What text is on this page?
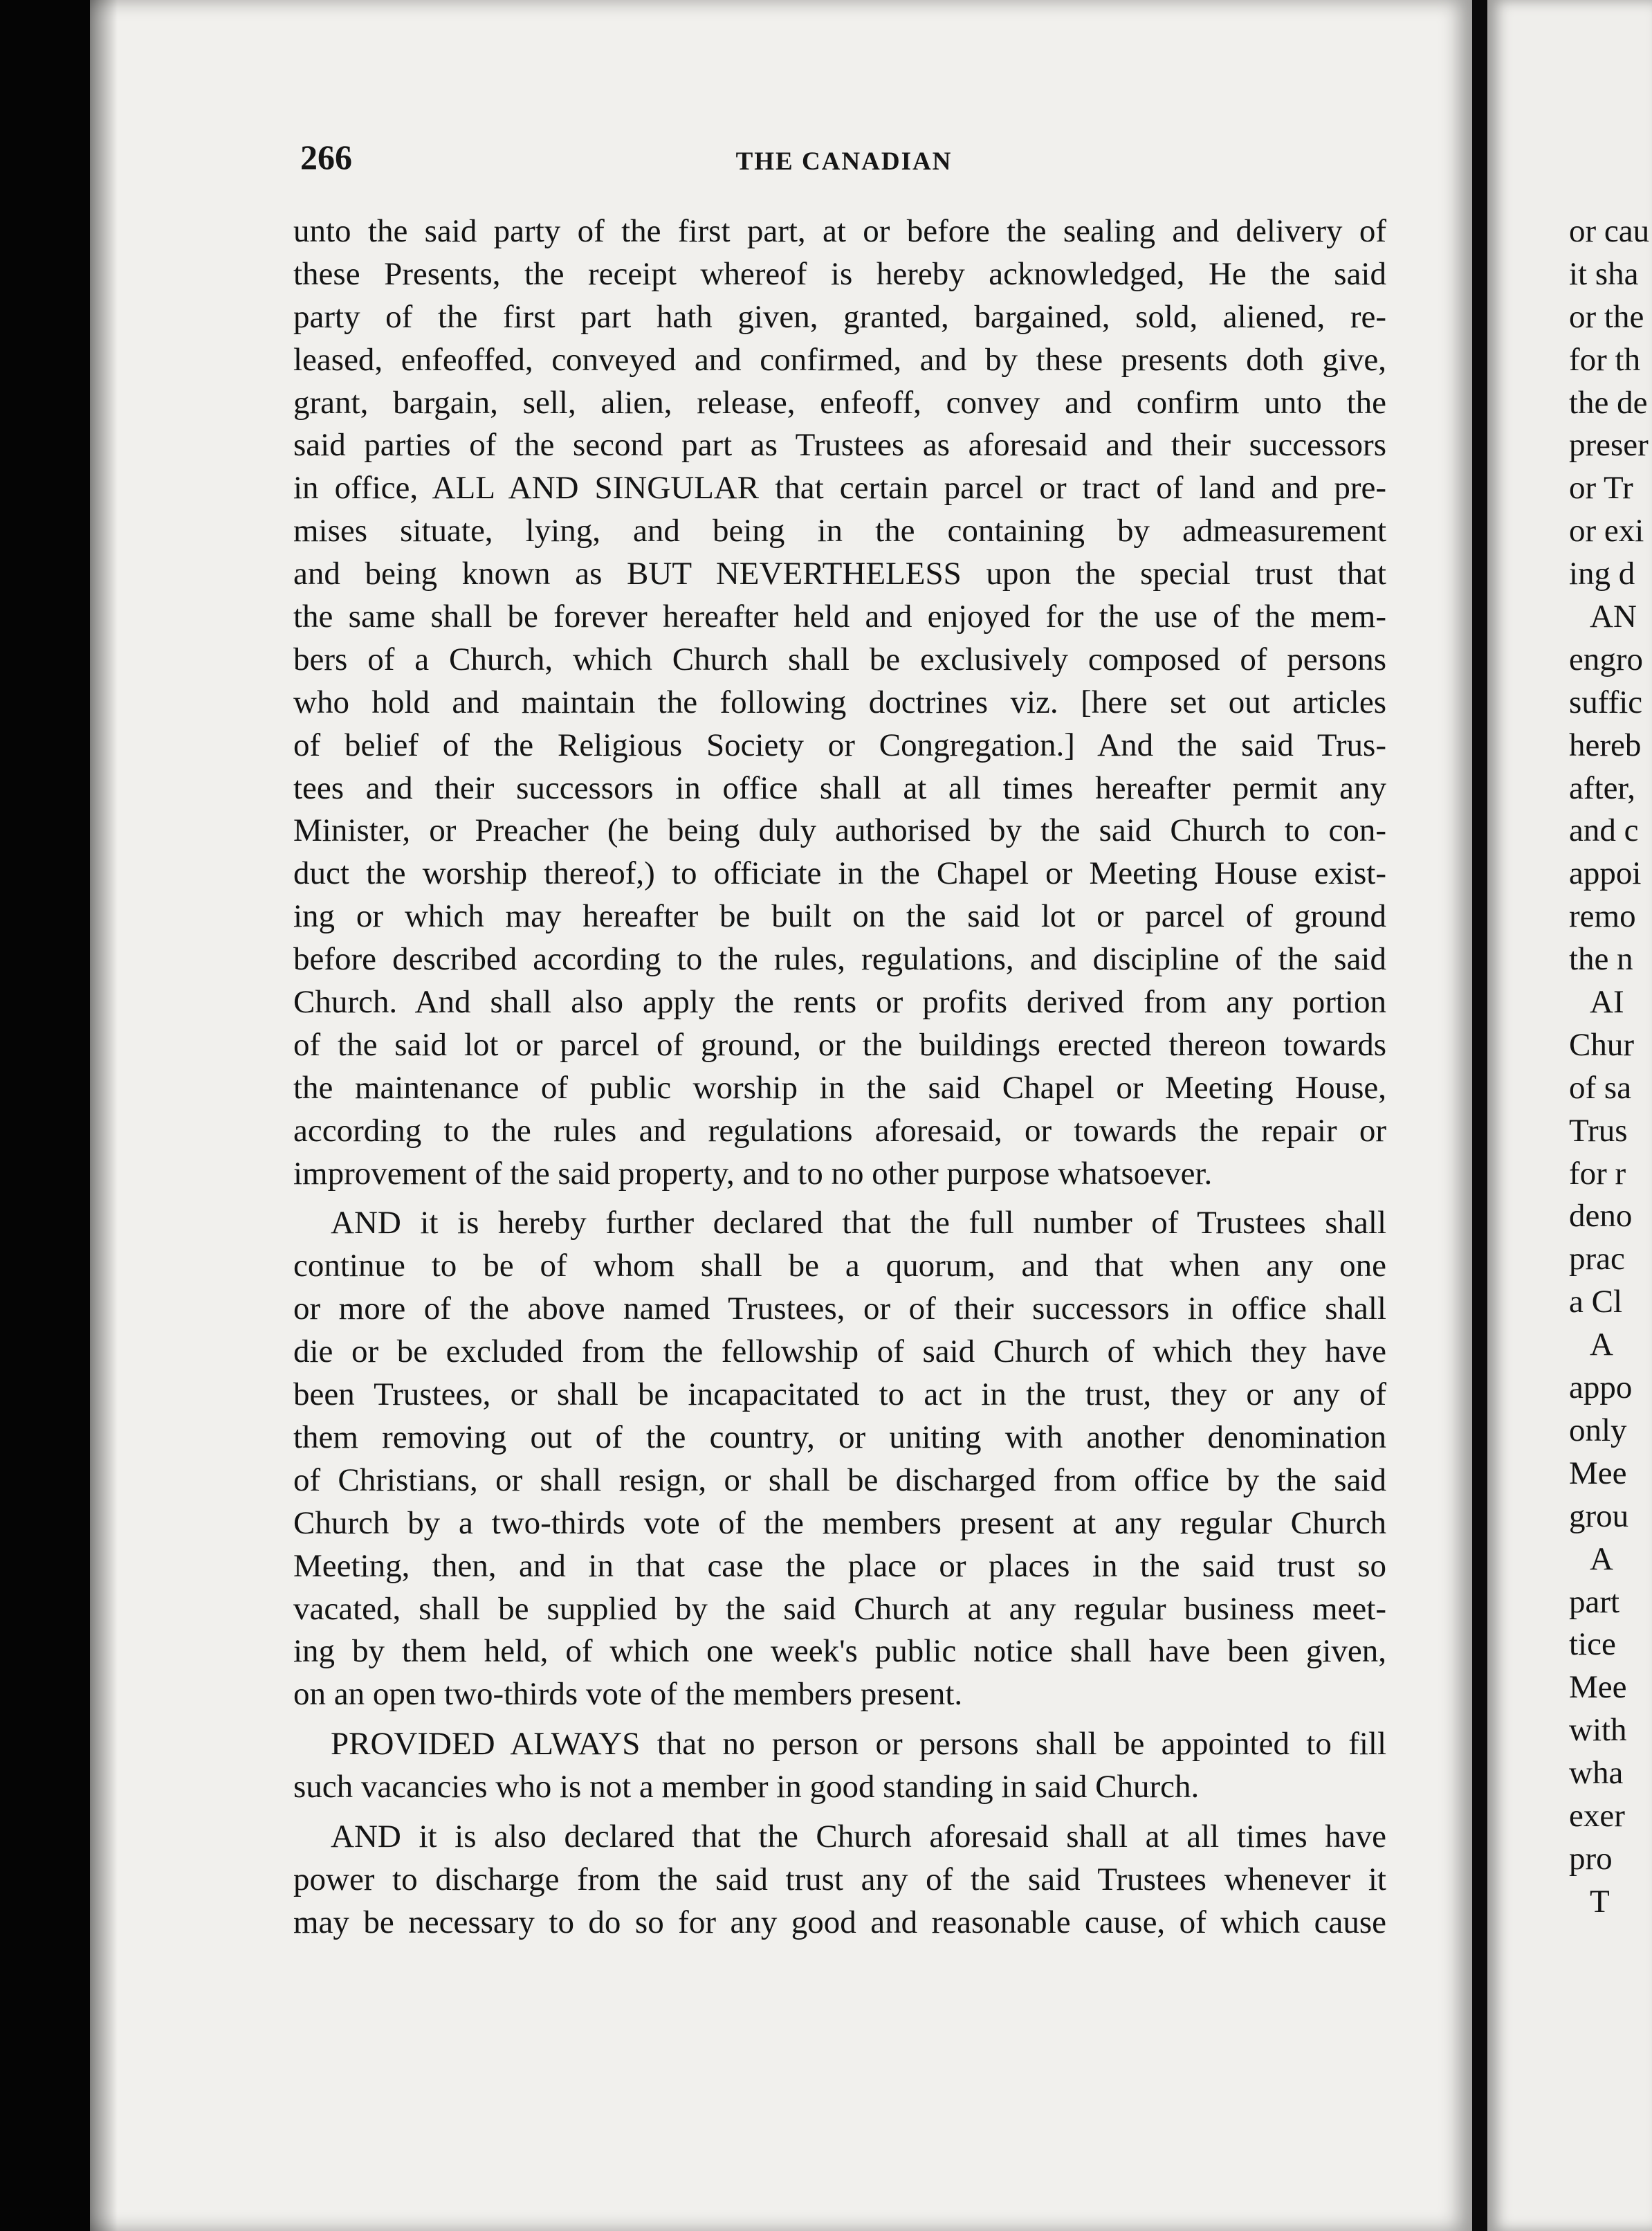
266	THE CANADIAN
unto the said party of the first part, at or before the sealing and delivery of
these Presents, the receipt whereof is hereby acknowledged, He the said
party of the first part hath given, granted, bargained, sold, aliened, re-
leased, enfeoffed, conveyed and confirmed, and by these presents doth give,
grant, bargain, sell, alien, release, enfeoff, convey and confirm unto the
said parties of the second part as Trustees as aforesaid and their successors
in office, ALL AND SINGULAR that certain parcel or tract of land and pre-
mises situate, lying, and being in the containing by admeasurement
and being known as BUT NEVERTHELESS upon the special trust that
the same shall be forever hereafter held and enjoyed for the use of the mem-
bers of a Church, which Church shall be exclusively composed of persons
who hold and maintain the following doctrines viz. [here set out articles
of belief of the Religious Society or Congregation.] And the said Trus-
tees and their successors in office shall at all times hereafter permit any
Minister, or Preacher (he being duly authorised by the said Church to con-
duct the worship thereof,) to officiate in the Chapel or Meeting House exist-
ing or which may hereafter be built on the said lot or parcel of ground
before described according to the rules, regulations, and discipline of the said
Church. And shall also apply the rents or profits derived from any portion
of the said lot or parcel of ground, or the buildings erected thereon towards
the maintenance of public worship in the said Chapel or Meeting House,
according to the rules and regulations aforesaid, or towards the repair or
improvement of the said property, and to no other purpose whatsoever.
AND it is hereby further declared that the full number of Trustees shall
continue to be of whom shall be a quorum, and that when any one
or more of the above named Trustees, or of their successors in office shall
die or be excluded from the fellowship of said Church of which they have
been Trustees, or shall be incapacitated to act in the trust, they or any of
them removing out of the country, or uniting with another denomination
of Christians, or shall resign, or shall be discharged from office by the said
Church by a two-thirds vote of the members present at any regular Church
Meeting, then, and in that case the place or places in the said trust so
vacated, shall be supplied by the said Church at any regular business meet-
ing by them held, of which one week's public notice shall have been given,
on an open two-thirds vote of the members present.
PROVIDED ALWAYS that no person or persons shall be appointed to fill
such vacancies who is not a member in good standing in said Church.
AND it is also declared that the Church aforesaid shall at all times have
power to discharge from the said trust any of the said Trustees whenever it
may be necessary to do so for any good and reasonable cause, of which cause
or cau
it sha
or the
for th
the de
preser
or Tr
or exi
ing d
AN
engro
suffic
hereb
after,
and c
appoi
remo
the n
AI
Chur
of sa
Trus
for r
deno
prac
a Cl
A
appo
only
Mee
grou
A
part
tice
Mee
with
wha
exer
pro
T
